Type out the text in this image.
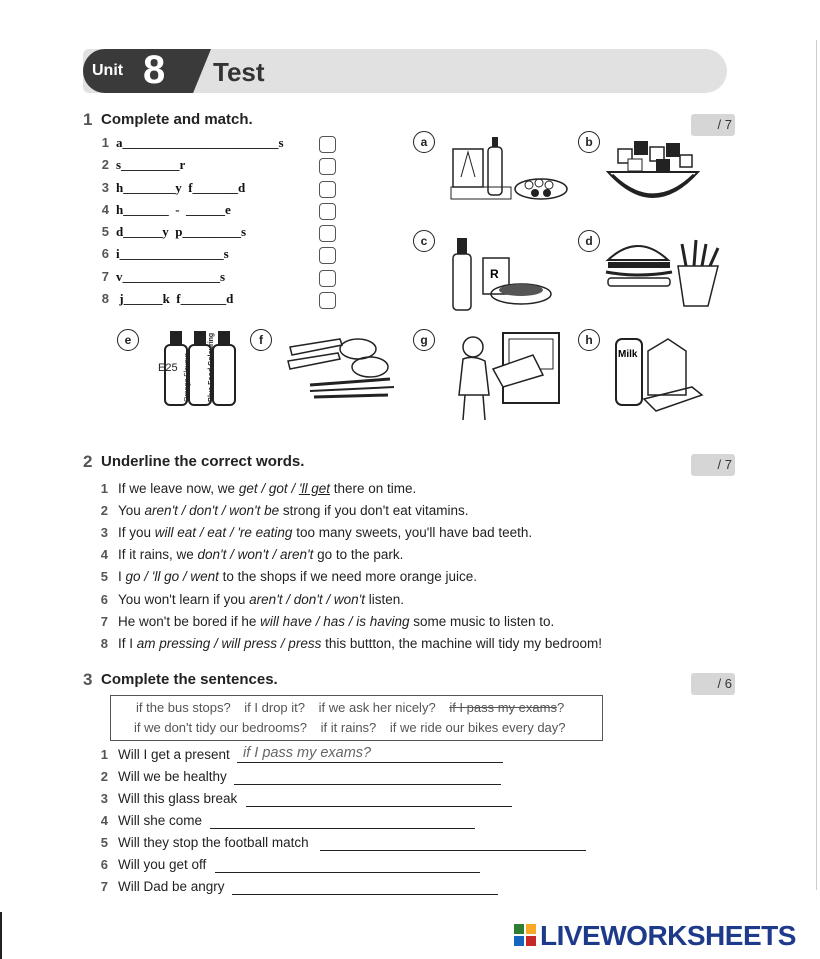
Unit 8 Test
1 Complete and match.	/ 7
1 a________________________s
2 s_________r
3 h________y  f_______d
4 h_______  -  ______e
5 d______y  p_________s
6 i________________s
7 v_______________s
8 j______k  f_______d
a	b
c
R
d
e	f	g	h
Milk
E25 Orange Flavour Blue Food Colouring
2 Underline the correct words.	/ 7
1 If we leave now, we get / got / 'll get there on time.
2 You aren't / don't / won't be strong if you don't eat vitamins.
3 If you will eat / eat / 're eating too many sweets, you'll have bad teeth.
4 If it rains, we don't / won't / aren't go to the park.
5 I go / 'll go / went to the shops if we need more orange juice.
6 You won't learn if you aren't / don't / won't listen.
7 He won't be bored if he will have / has / is having some music to listen to.
8 If I am pressing / will press / press this buttton, the machine will tidy my bedroom!
3 Complete the sentences.	/ 6
if the bus stops? if I drop it? if we ask her nicely? if I pass my exams?
if we don't tidy our bedrooms? if it rains? if we ride our bikes every day?
1 Will I get a present if I pass my exams?
2 Will we be healthy
3 Will this glass break
4 Will she come
5 Will they stop the football match
6 Will you get off
7 Will Dad be angry
LIVEWORKSHEETS
